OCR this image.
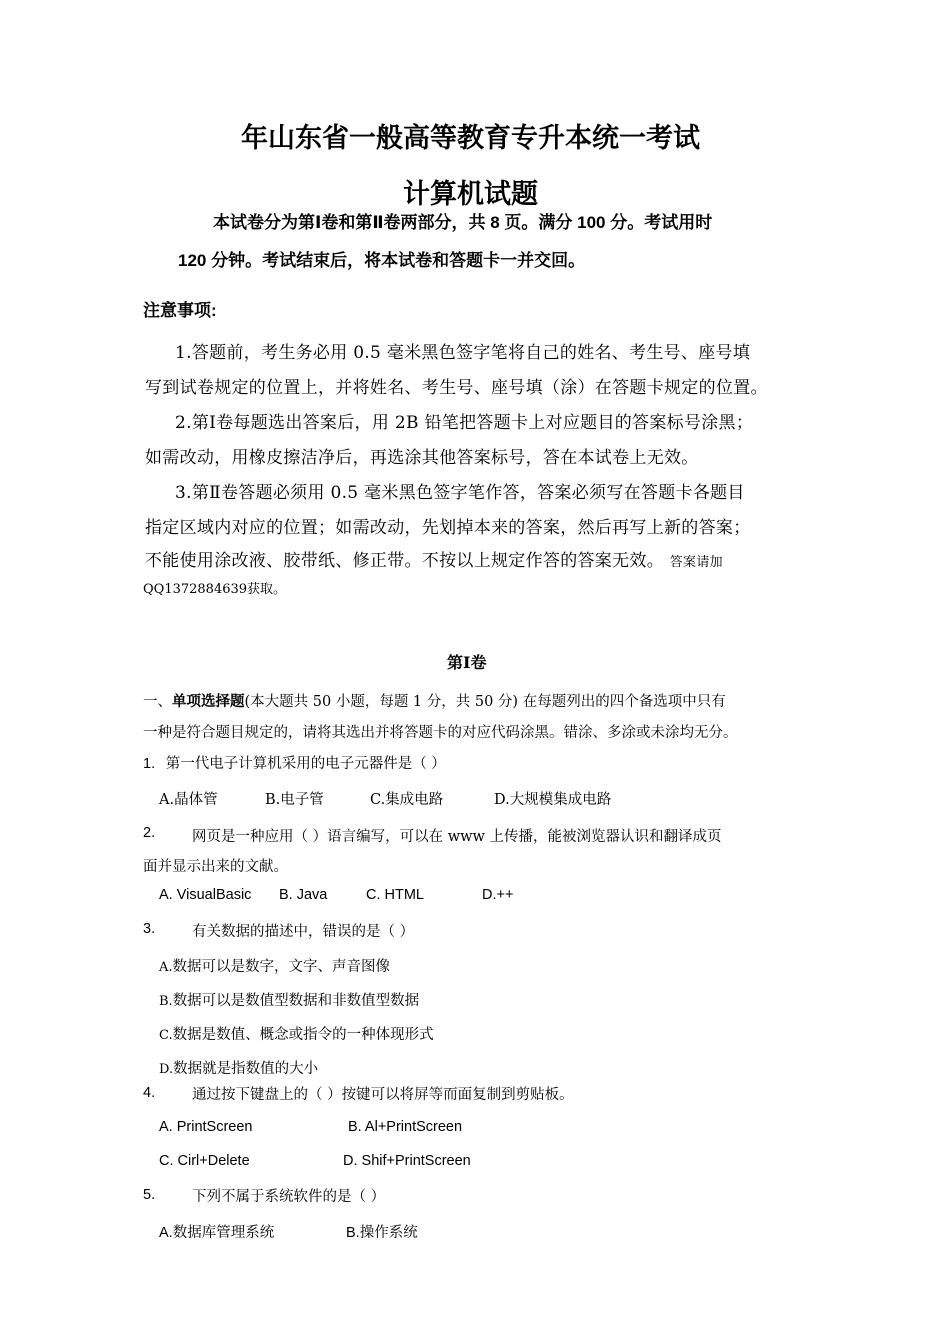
年山东省一般高等教育专升本统一考试
计算机试题
本试卷分为第Ⅰ卷和第Ⅱ卷两部分，共 8 页。满分 100 分。考试用时
120 分钟。考试结束后，将本试卷和答题卡一并交回。
注意事项:
1.答题前，考生务必用 0.5 毫米黑色签字笔将自己的姓名、考生号、座号填
写到试卷规定的位置上，并将姓名、考生号、座号填（涂）在答题卡规定的位置。
2.第Ⅰ卷每题选出答案后，用 2B 铅笔把答题卡上对应题目的答案标号涂黑；
如需改动，用橡皮擦洁净后，再选涂其他答案标号，答在本试卷上无效。
3.第Ⅱ卷答题必须用 0.5 毫米黑色签字笔作答，答案必须写在答题卡各题目
指定区域内对应的位置；如需改动，先划掉本来的答案，然后再写上新的答案；
不能使用涂改液、胶带纸、修正带。不按以上规定作答的答案无效。 答案请加
QQ1372884639获取。
第Ⅰ卷
一、单项选择题(本大题共 50 小题，每题 1 分，共 50 分) 在每题列出的四个备选项中只有
一种是符合题目规定的，请将其选出并将答题卡的对应代码涂黑。错涂、多涂或未涂均无分。
1. 第一代电子计算机采用的电子元器件是（ ）
A.晶体管	B.电子管	C.集成电路	D.大规模集成电路
2.	网页是一种应用（ ）语言编写，可以在 www 上传播，能被浏览器认识和翻译成页
面并显示出来的文献。
A. VisualBasic B. Java	C. HTML	D.++
3.	有关数据的描述中，错误的是（ ）
A.数据可以是数字，文字、声音图像
B.数据可以是数值型数据和非数值型数据
C.数据是数值、概念或指令的一种体现形式
D.数据就是指数值的大小
4.	通过按下键盘上的（ ）按键可以将屏等而面复制到剪贴板。
A. PrintScreen	B. Al+PrintScreen
C. Cirl+Delete	D. Shif+PrintScreen
5.	下列不属于系统软件的是（ ）
A.数据库管理系统	B.操作系统
